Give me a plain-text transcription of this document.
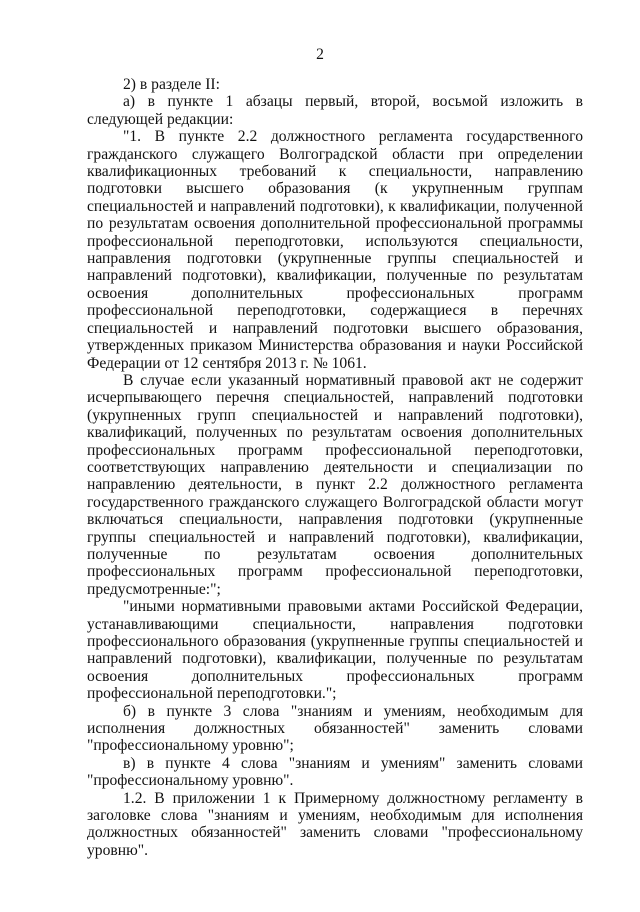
2

2) в разделе II:

а) в пункте 1 абзацы первый, второй, восьмой изложить в следующей редакции:

"1. В пункте 2.2 должностного регламента государственного гражданского служащего Волгоградской области при определении квалификационных требований к специальности, направлению подготовки высшего образования (к укрупненным группам специальностей и направлений подготовки), к квалификации, полученной по результатам освоения дополнительной профессиональной программы профессиональной переподготовки, используются специальности, направления подготовки (укрупненные группы специальностей и направлений подготовки), квалификации, полученные по результатам освоения дополнительных профессиональных программ профессиональной переподготовки, содержащиеся в перечнях специальностей и направлений подготовки высшего образования, утвержденных приказом Министерства образования и науки Российской Федерации от 12 сентября 2013 г. № 1061.

В случае если указанный нормативный правовой акт не содержит исчерпывающего перечня специальностей, направлений подготовки (укрупненных групп специальностей и направлений подготовки), квалификаций, полученных по результатам освоения дополнительных профессиональных программ профессиональной переподготовки, соответствующих направлению деятельности и специализации по направлению деятельности, в пункт 2.2 должностного регламента государственного гражданского служащего Волгоградской области могут включаться специальности, направления подготовки (укрупненные группы специальностей и направлений подготовки), квалификации, полученные по результатам освоения дополнительных профессиональных программ профессиональной переподготовки, предусмотренные:";

"иными нормативными правовыми актами Российской Федерации, устанавливающими специальности, направления подготовки профессионального образования (укрупненные группы специальностей и направлений подготовки), квалификации, полученные по результатам освоения дополнительных профессиональных программ профессиональной переподготовки.";

б) в пункте 3 слова "знаниям и умениям, необходимым для исполнения должностных обязанностей" заменить словами "профессиональному уровню";

в) в пункте 4 слова "знаниям и умениям" заменить словами "профессиональному уровню".

1.2. В приложении 1 к Примерному должностному регламенту в заголовке слова "знаниям и умениям, необходимым для исполнения должностных обязанностей" заменить словами "профессиональному уровню".
